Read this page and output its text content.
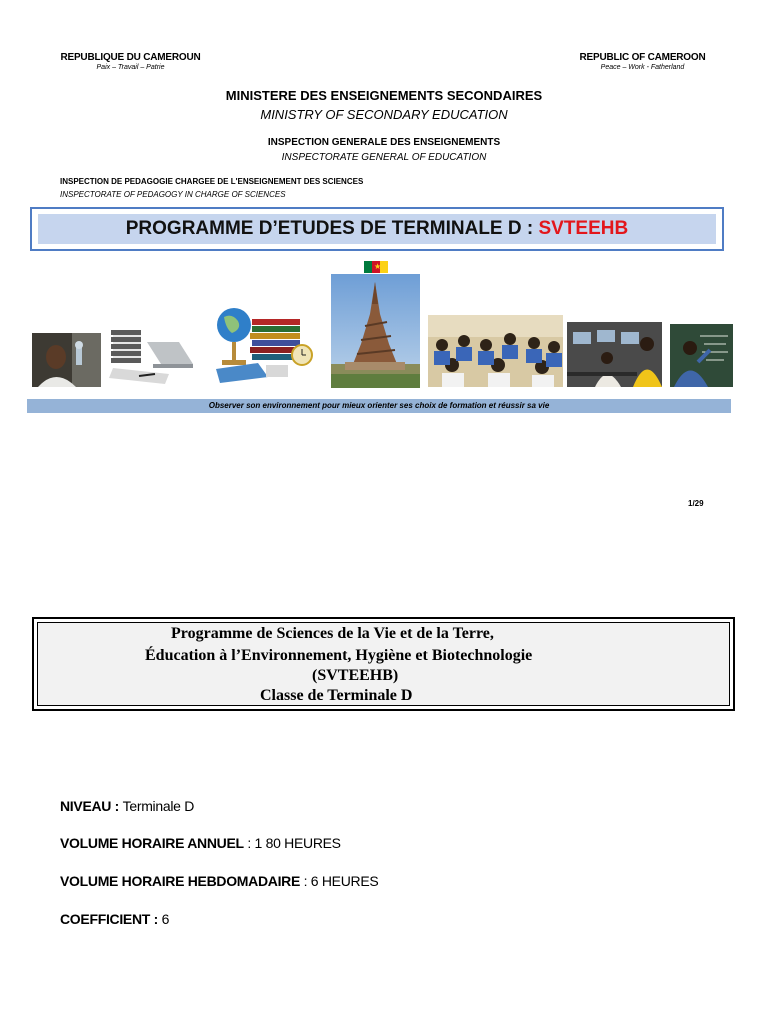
REPUBLIQUE DU CAMEROUN
Paix – Travail – Patrie
REPUBLIC OF CAMEROON
Peace – Work - Fatherland
MINISTERE DES ENSEIGNEMENTS SECONDAIRES
MINISTRY OF SECONDARY EDUCATION
INSPECTION GENERALE DES ENSEIGNEMENTS
INSPECTORATE GENERAL OF EDUCATION
INSPECTION DE PEDAGOGIE CHARGEE DE L'ENSEIGNEMENT DES SCIENCES
INSPECTORATE OF PEDAGOGY IN CHARGE OF SCIENCES
PROGRAMME D’ETUDES DE TERMINALE D : SVTEEHB
★
Observer son environnement pour mieux orienter ses choix de formation et réussir sa vie
1/29
Programme de Sciences de la Vie et de la Terre,
Éducation à l’Environnement, Hygiène et Biotechnologie
(SVTEEHB)
Classe de Terminale D
NIVEAU : Terminale D
VOLUME HORAIRE ANNUEL : 1 80 HEURES
VOLUME HORAIRE HEBDOMADAIRE : 6 HEURES
COEFFICIENT : 6
